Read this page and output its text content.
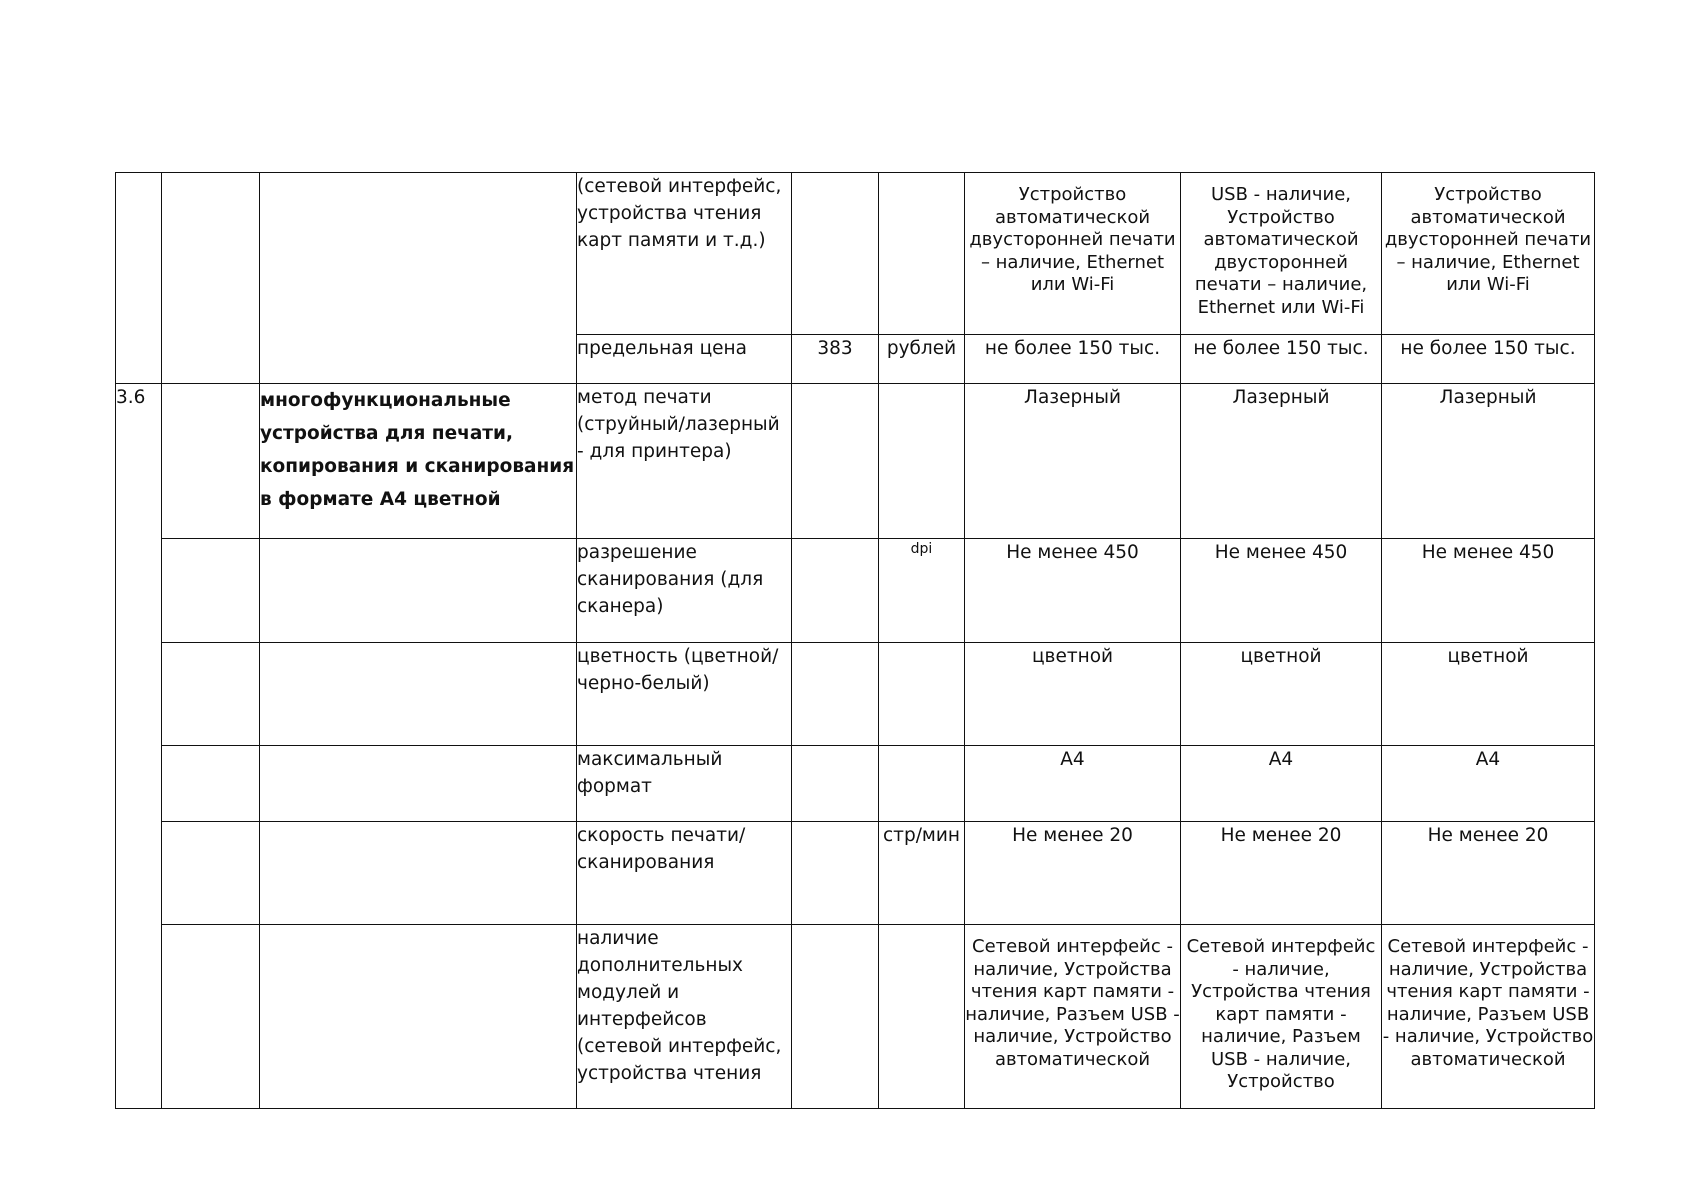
			(сетевой интерфейс, устройства чтения карт памяти и т.д.)			Устройство автоматической двусторонней печати – наличие, Ethernet или Wi-Fi	USB - наличие, Устройство автоматической двусторонней печати – наличие, Ethernet или Wi-Fi	Устройство автоматической двусторонней печати – наличие, Ethernet или Wi-Fi
			предельная цена	383	рублей	не более 150 тыс.	не более 150 тыс.	не более 150 тыс.
3.6		многофункциональные устройства для печати, копирования и сканирования в формате А4 цветной	метод печати (струйный/лазерный - для принтера)			Лазерный	Лазерный	Лазерный
			разрешение сканирования (для сканера)		dpi	Не менее 450	Не менее 450	Не менее 450
			цветность (цветной/черно-белый)			цветной	цветной	цветной
			максимальный формат			А4	А4	А4
			скорость печати/сканирования		стр/мин	Не менее 20	Не менее 20	Не менее 20
			наличие дополнительных модулей и интерфейсов (сетевой интерфейс, устройства чтения			Сетевой интерфейс - наличие, Устройства чтения карт памяти - наличие, Разъем USB - наличие, Устройство автоматической	Сетевой интерфейс - наличие, Устройства чтения карт памяти - наличие, Разъем USB - наличие, Устройство	Сетевой интерфейс - наличие, Устройства чтения карт памяти - наличие, Разъем USB - наличие, Устройство автоматической
